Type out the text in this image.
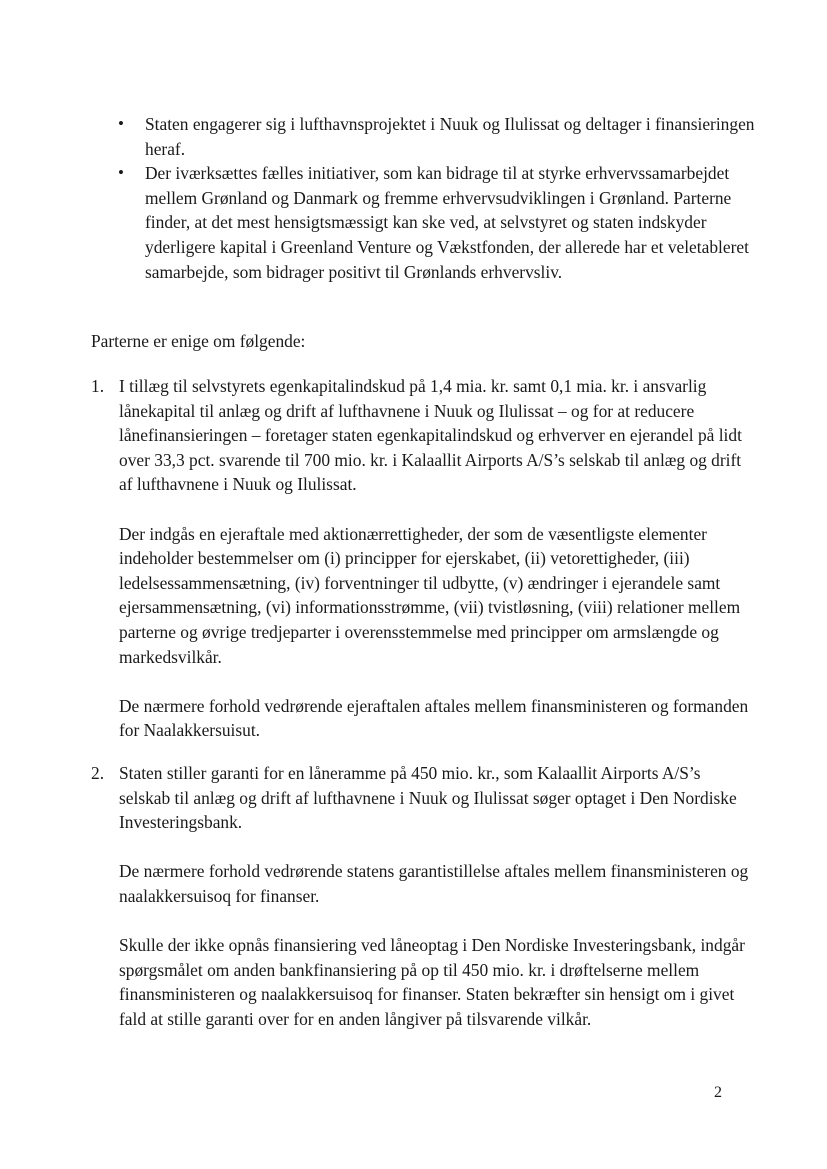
• Staten engagerer sig i lufthavnsprojektet i Nuuk og Ilulissat og deltager i finansieringen heraf.
• Der iværksættes fælles initiativer, som kan bidrage til at styrke erhvervssamarbejdet mellem Grønland og Danmark og fremme erhvervsudviklingen i Grønland. Parterne finder, at det mest hensigtsmæssigt kan ske ved, at selvstyret og staten indskyder yderligere kapital i Greenland Venture og Vækstfonden, der allerede har et veletableret samarbejde, som bidrager positivt til Grønlands erhvervsliv.

Parterne er enige om følgende:

1. I tillæg til selvstyrets egenkapitalindskud på 1,4 mia. kr. samt 0,1 mia. kr. i ansvarlig lånekapital til anlæg og drift af lufthavnene i Nuuk og Ilulissat – og for at reducere lånefinansieringen – foretager staten egenkapitalindskud og erhverver en ejerandel på lidt over 33,3 pct. svarende til 700 mio. kr. i Kalaallit Airports A/S’s selskab til anlæg og drift af lufthavnene i Nuuk og Ilulissat.

Der indgås en ejeraftale med aktionærrettigheder, der som de væsentligste elementer indeholder bestemmelser om (i) principper for ejerskabet, (ii) vetorettigheder, (iii) ledelsessammensætning, (iv) forventninger til udbytte, (v) ændringer i ejerandele samt ejersammensætning, (vi) informationsstrømme, (vii) tvistløsning, (viii) relationer mellem parterne og øvrige tredjeparter i overensstemmelse med principper om armslængde og markedsvilkår.

De nærmere forhold vedrørende ejeraftalen aftales mellem finansministeren og formanden for Naalakkersuisut.

2. Staten stiller garanti for en låneramme på 450 mio. kr., som Kalaallit Airports A/S’s selskab til anlæg og drift af lufthavnene i Nuuk og Ilulissat søger optaget i Den Nordiske Investeringsbank.

De nærmere forhold vedrørende statens garantistillelse aftales mellem finansministeren og naalakkersuisoq for finanser.

Skulle der ikke opnås finansiering ved låneoptag i Den Nordiske Investeringsbank, indgår spørgsmålet om anden bankfinansiering på op til 450 mio. kr. i drøftelserne mellem finansministeren og naalakkersuisoq for finanser. Staten bekræfter sin hensigt om i givet fald at stille garanti over for en anden långiver på tilsvarende vilkår.

2
